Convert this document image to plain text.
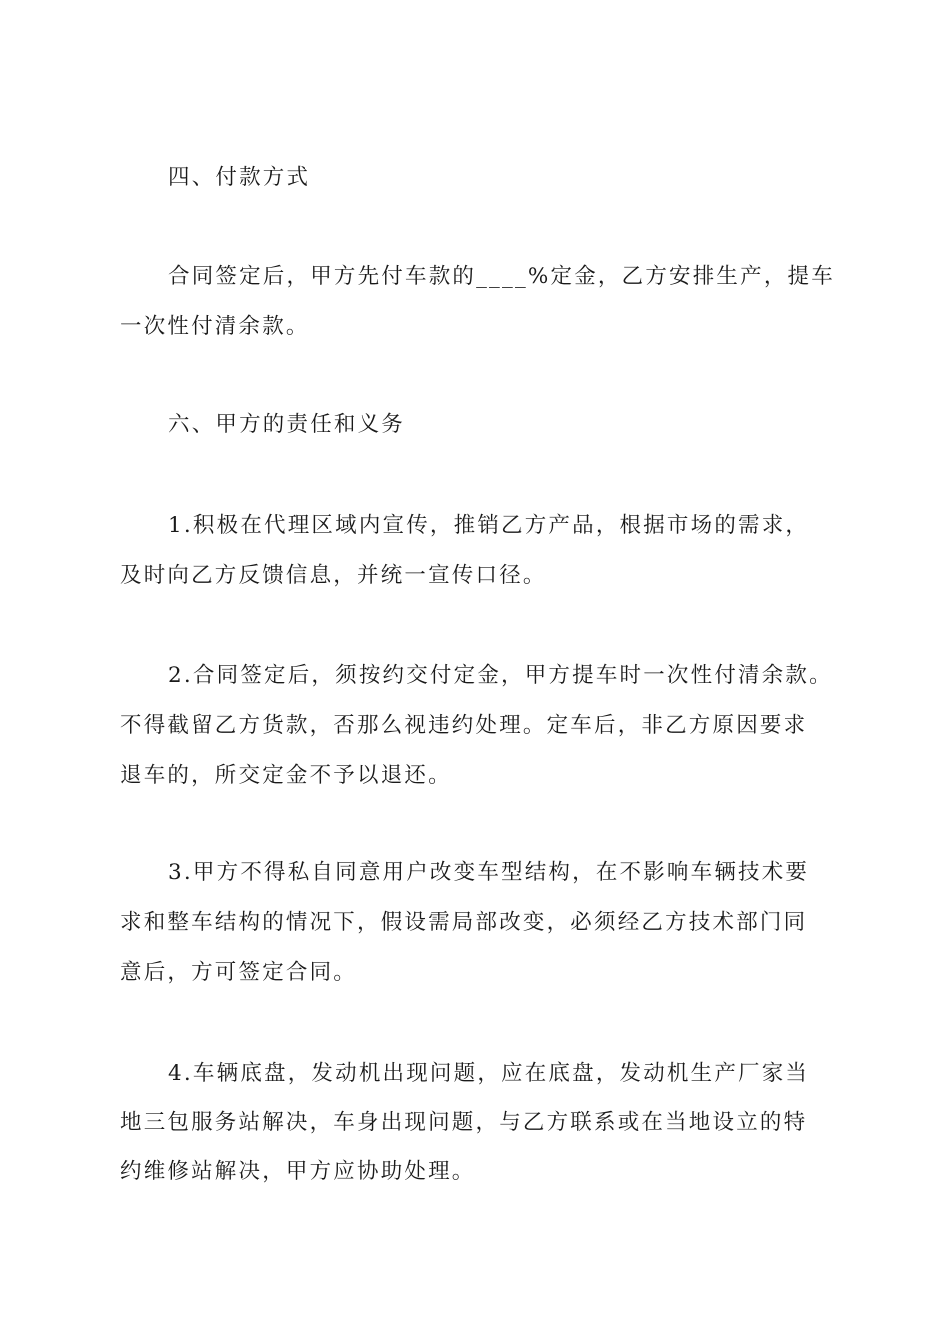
四、付款方式
合同签定后，甲方先付车款的____%定金，乙方安排生产，提车
一次性付清余款。
六、甲方的责任和义务
1.积极在代理区域内宣传，推销乙方产品，根据市场的需求，
及时向乙方反馈信息，并统一宣传口径。
2.合同签定后，须按约交付定金，甲方提车时一次性付清余款。
不得截留乙方货款，否那么视违约处理。定车后，非乙方原因要求
退车的，所交定金不予以退还。
3.甲方不得私自同意用户改变车型结构，在不影响车辆技术要
求和整车结构的情况下，假设需局部改变，必须经乙方技术部门同
意后，方可签定合同。
4.车辆底盘，发动机出现问题，应在底盘，发动机生产厂家当
地三包服务站解决，车身出现问题，与乙方联系或在当地设立的特
约维修站解决，甲方应协助处理。
